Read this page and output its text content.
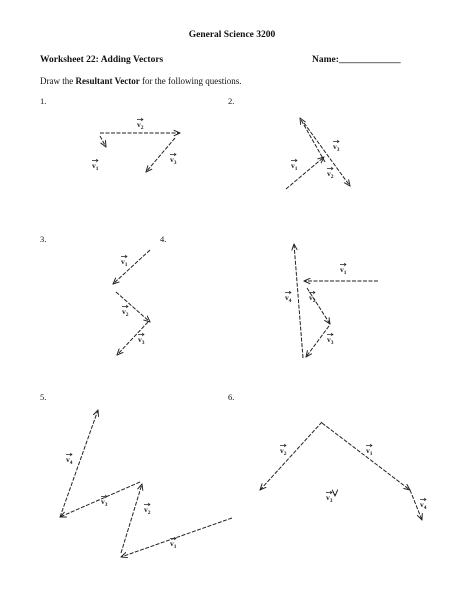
General Science 3200
Worksheet 22: Adding Vectors	Name:_____________
Draw the Resultant Vector for the following questions.
1.	2.
3.	4.
5.	6.
$v_2$
$v_1$
$v_3$
$v_3$
$v_1$	$v_2$
$v_1$
$v_2$
$v_3$
$v_1$
$v_4$ $v_2$
$v_3$
$v_4$
$v_3$	$v_2$
$v_1$
$v_2$	$v_1$
$v_3$	$v_4$
